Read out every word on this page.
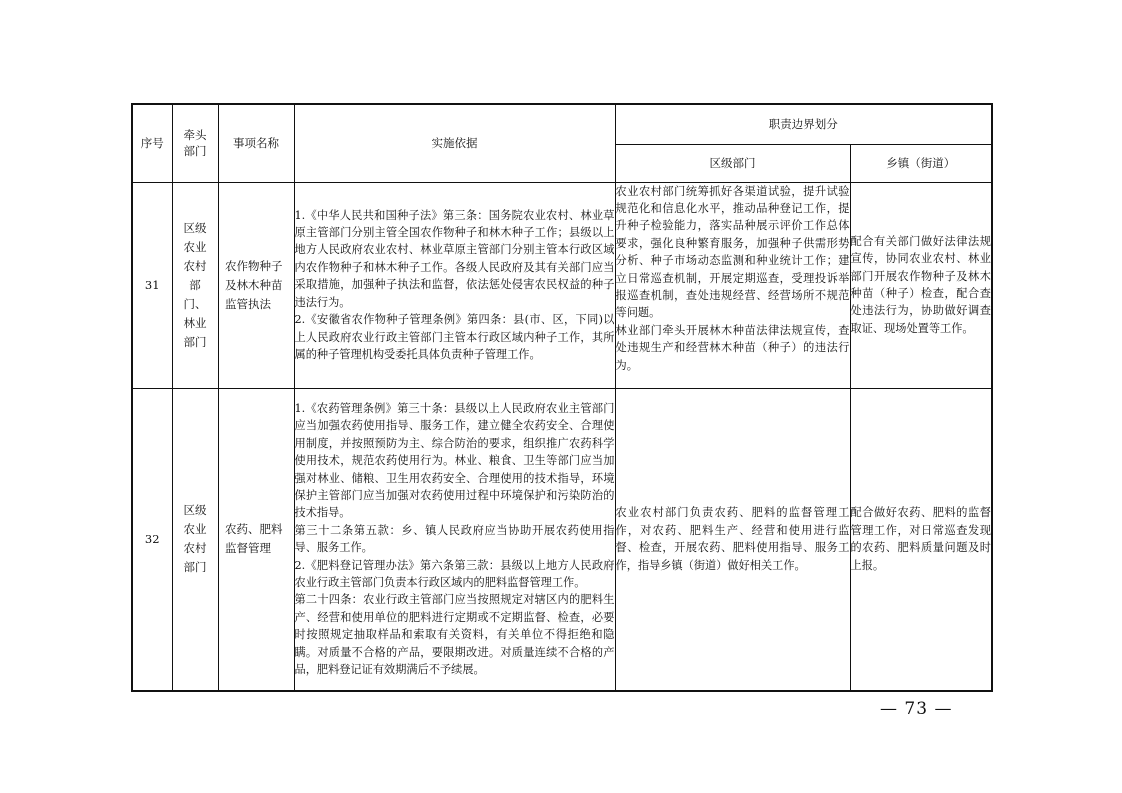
序号	牵头部门	事项名称	实施依据	职责边界划分	
				区级部门	乡镇（街道）
31	区级农业农村部门、林业部门	农作物种子及林木种苗监管执法	1.《中华人民共和国种子法》第三条：国务院农业农村、林业草原主管部门分别主管全国农作物种子和林木种子工作；县级以上地方人民政府农业农村、林业草原主管部门分别主管本行政区域内农作物种子和林木种子工作。各级人民政府及其有关部门应当采取措施，加强种子执法和监督，依法惩处侵害农民权益的种子违法行为。
2.《安徽省农作物种子管理条例》第四条：县(市、区，下同)以上人民政府农业行政主管部门主管本行政区域内种子工作，其所属的种子管理机构受委托具体负责种子管理工作。	农业农村部门统筹抓好各渠道试验，提升试验规范化和信息化水平，推动品种登记工作，提升种子检验能力，落实品种展示评价工作总体要求，强化良种繁育服务，加强种子供需形势分析、种子市场动态监测和种业统计工作；建立日常巡查机制，开展定期巡查，受理投诉举报巡查机制，查处违规经营、经营场所不规范等问题。
林业部门牵头开展林木种苗法律法规宣传，查处违规生产和经营林木种苗（种子）的违法行为。	配合有关部门做好法律法规宣传，协同农业农村、林业部门开展农作物种子及林木种苗（种子）检查，配合查处违法行为，协助做好调查取证、现场处置等工作。
32	区级农业农村部门	农药、肥料监督管理	1.《农药管理条例》第三十条：县级以上人民政府农业主管部门应当加强农药使用指导、服务工作，建立健全农药安全、合理使用制度，并按照预防为主、综合防治的要求，组织推广农药科学使用技术，规范农药使用行为。林业、粮食、卫生等部门应当加强对林业、储粮、卫生用农药安全、合理使用的技术指导，环境保护主管部门应当加强对农药使用过程中环境保护和污染防治的技术指导。
第三十二条第五款：乡、镇人民政府应当协助开展农药使用指导、服务工作。
2.《肥料登记管理办法》第六条第三款：县级以上地方人民政府农业行政主管部门负责本行政区域内的肥料监督管理工作。
第二十四条：农业行政主管部门应当按照规定对辖区内的肥料生产、经营和使用单位的肥料进行定期或不定期监督、检查，必要时按照规定抽取样品和索取有关资料，有关单位不得拒绝和隐瞒。对质量不合格的产品，要限期改进。对质量连续不合格的产品，肥料登记证有效期满后不予续展。	农业农村部门负责农药、肥料的监督管理工作，对农药、肥料生产、经营和使用进行监督、检查，开展农药、肥料使用指导、服务工作，指导乡镇（街道）做好相关工作。	配合做好农药、肥料的监督管理工作，对日常巡查发现的农药、肥料质量问题及时上报。
— 73 —
